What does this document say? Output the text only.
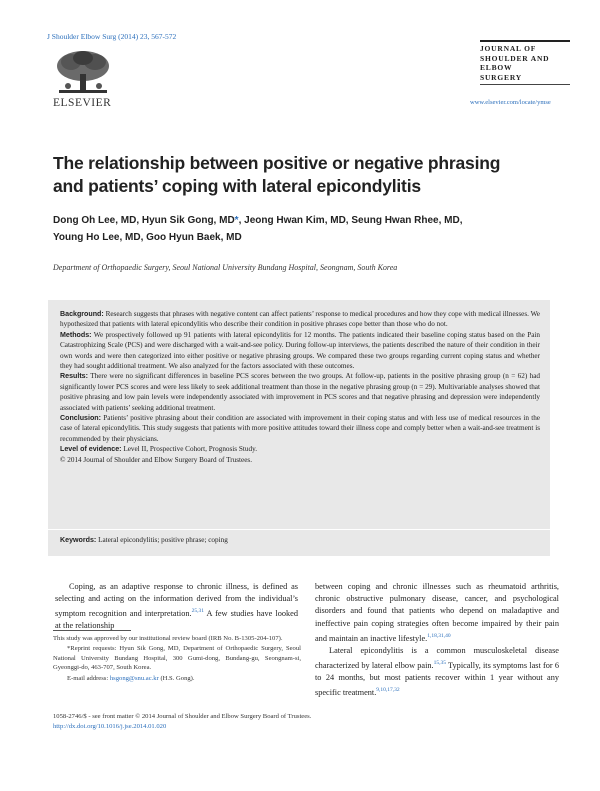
J Shoulder Elbow Surg (2014) 23, 567-572
ELSEVIER
JOURNAL OF
SHOULDER AND
ELBOW
SURGERY
www.elsevier.com/locate/ymse
The relationship between positive or negative phrasing
and patients’ coping with lateral epicondylitis
Dong Oh Lee, MD, Hyun Sik Gong, MD*, Jeong Hwan Kim, MD, Seung Hwan Rhee, MD,
Young Ho Lee, MD, Goo Hyun Baek, MD
Department of Orthopaedic Surgery, Seoul National University Bundang Hospital, Seongnam, South Korea

Background: Research suggests that phrases with negative content can affect patients’ response to medical procedures and how they cope with medical illnesses. We hypothesized that patients with lateral epicondylitis who describe their condition in positive phrases cope better than those who do not.

Methods: We prospectively followed up 91 patients with lateral epicondylitis for 12 months. The patients indicated their baseline coping status based on the Pain Catastrophizing Scale (PCS) and were discharged with a wait-and-see policy. During follow-up interviews, the patients described the nature of their condition in their own words and were then categorized into either positive or negative phrasing groups. We compared these two groups regarding current coping status and whether they had sought additional treatment. We also analyzed for the factors associated with these outcomes.

Results: There were no significant differences in baseline PCS scores between the two groups. At follow-up, patients in the positive phrasing group (n = 62) had significantly lower PCS scores and were less likely to seek additional treatment than those in the negative phrasing group (n = 29). Multivariable analyses showed that positive phrasing and low pain levels were independently associated with improvement in PCS scores and that negative phrasing and depression were independently associated with patients’ seeking additional treatment.

Conclusion: Patients’ positive phrasing about their condition are associated with improvement in their coping status and with less use of medical resources in the case of lateral epicondylitis. This study suggests that patients with more positive attitudes toward their illness cope and comply better when a wait-and-see treatment is recommended by their physicians.

Level of evidence: Level II, Prospective Cohort, Prognosis Study.

© 2014 Journal of Shoulder and Elbow Surgery Board of Trustees.

Keywords: Lateral epicondylitis; positive phrase; coping

Coping, as an adaptive response to chronic illness, is defined as selecting and acting on the information derived from the individual’s symptom recognition and interpretation.$^{25,31}$ A few studies have looked at the relationship

This study was approved by our institutional review board (IRB No. B-1305-204-107).

*Reprint requests: Hyun Sik Gong, MD, Department of Orthopaedic Surgery, Seoul National University Bundang Hospital, 300 Gumi-dong, Bundang-gu, Seongnam-si, Gyeonggi-do, 463-707, South Korea.

E-mail address: hsgong@snu.ac.kr (H.S. Gong).

between coping and chronic illnesses such as rheumatoid arthritis, chronic obstructive pulmonary disease, cancer, and psychological disorders and found that patients who depend on maladaptive and ineffective pain coping strategies often become impaired by their pain and maintain an inactive lifestyle.$^{1,18,31,40}$

Lateral epicondylitis is a common musculoskeletal disease characterized by lateral elbow pain.$^{15,35}$ Typically, its symptoms last for 6 to 24 months, but most patients recover within 1 year without any specific treatment.$^{9,10,17,32}$

1058-2746/$ - see front matter © 2014 Journal of Shoulder and Elbow Surgery Board of Trustees.
http://dx.doi.org/10.1016/j.jse.2014.01.020
